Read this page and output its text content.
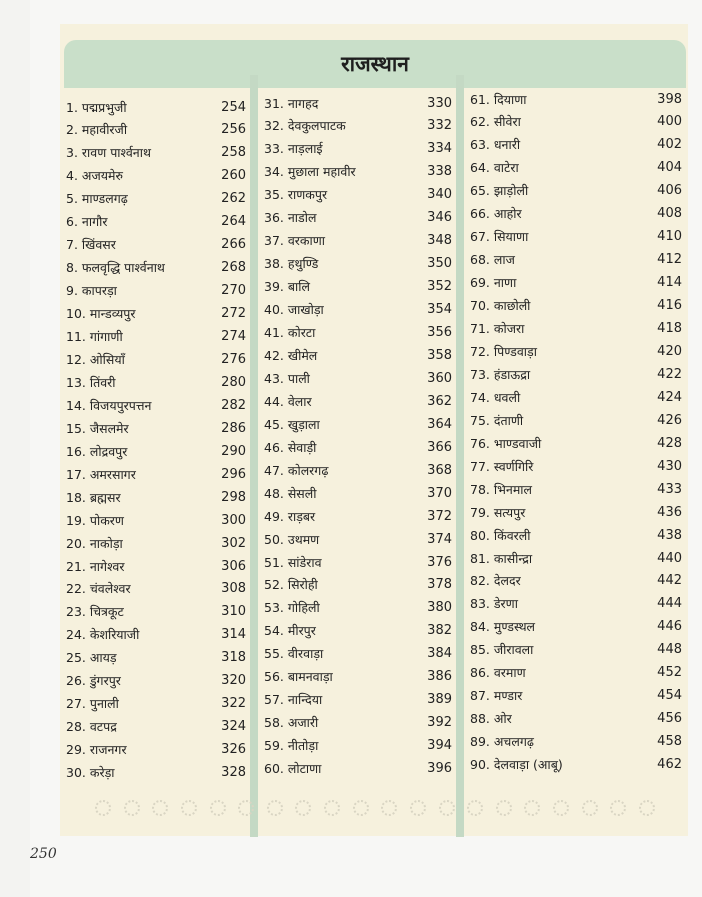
राजस्थान
1. पद्मप्रभुजी	254
2. महावीरजी	256
3. रावण पार्श्वनाथ	258
4. अजयमेरु	260
5. माण्डलगढ़	262
6. नागौर	264
7. खिंवसर	266
8. फलवृद्धि पार्श्वनाथ	268
9. कापरड़ा	270
10. मान्डव्यपुर	272
11. गांगाणी	274
12. ओसियाँ	276
13. तिंवरी	280
14. विजयपुरपत्तन	282
15. जैसलमेर	286
16. लोद्रवपुर	290
17. अमरसागर	296
18. ब्रह्मसर	298
19. पोकरण	300
20. नाकोड़ा	302
21. नागेश्वर	306
22. चंवलेश्वर	308
23. चित्रकूट	310
24. केशरियाजी	314
25. आयड़	318
26. डुंगरपुर	320
27. पुनाली	322
28. वटपद्र	324
29. राजनगर	326
30. करेड़ा	328
31. नागहद	330
32. देवकुलपाटक	332
33. नाड़लाई	334
34. मुछाला महावीर	338
35. राणकपुर	340
36. नाडोल	346
37. वरकाणा	348
38. हथुण्डि	350
39. बालि	352
40. जाखोड़ा	354
41. कोरटा	356
42. खीमेल	358
43. पाली	360
44. वेलार	362
45. खुड़ाला	364
46. सेवाड़ी	366
47. कोलरगढ़	368
48. सेसली	370
49. राड़बर	372
50. उथमण	374
51. सांडेराव	376
52. सिरोही	378
53. गोहिली	380
54. मीरपुर	382
55. वीरवाड़ा	384
56. बामनवाड़ा	386
57. नान्दिया	389
58. अजारी	392
59. नीतोड़ा	394
60. लोटाणा	396
61. दियाणा	398
62. सीवेरा	400
63. धनारी	402
64. वाटेरा	404
65. झाड़ोली	406
66. आहोर	408
67. सियाणा	410
68. लाज	412
69. नाणा	414
70. काछोली	416
71. कोजरा	418
72. पिण्डवाड़ा	420
73. हंडाऊद्रा	422
74. धवली	424
75. दंताणी	426
76. भाण्डवाजी	428
77. स्वर्णगिरि	430
78. भिनमाल	433
79. सत्यपुर	436
80. किंवरली	438
81. कासीन्द्रा	440
82. देलदर	442
83. डेरणा	444
84. मुण्डस्थल	446
85. जीरावला	448
86. वरमाण	452
87. मण्डार	454
88. ओर	456
89. अचलगढ़	458
90. देलवाड़ा (आबू)	462
250
